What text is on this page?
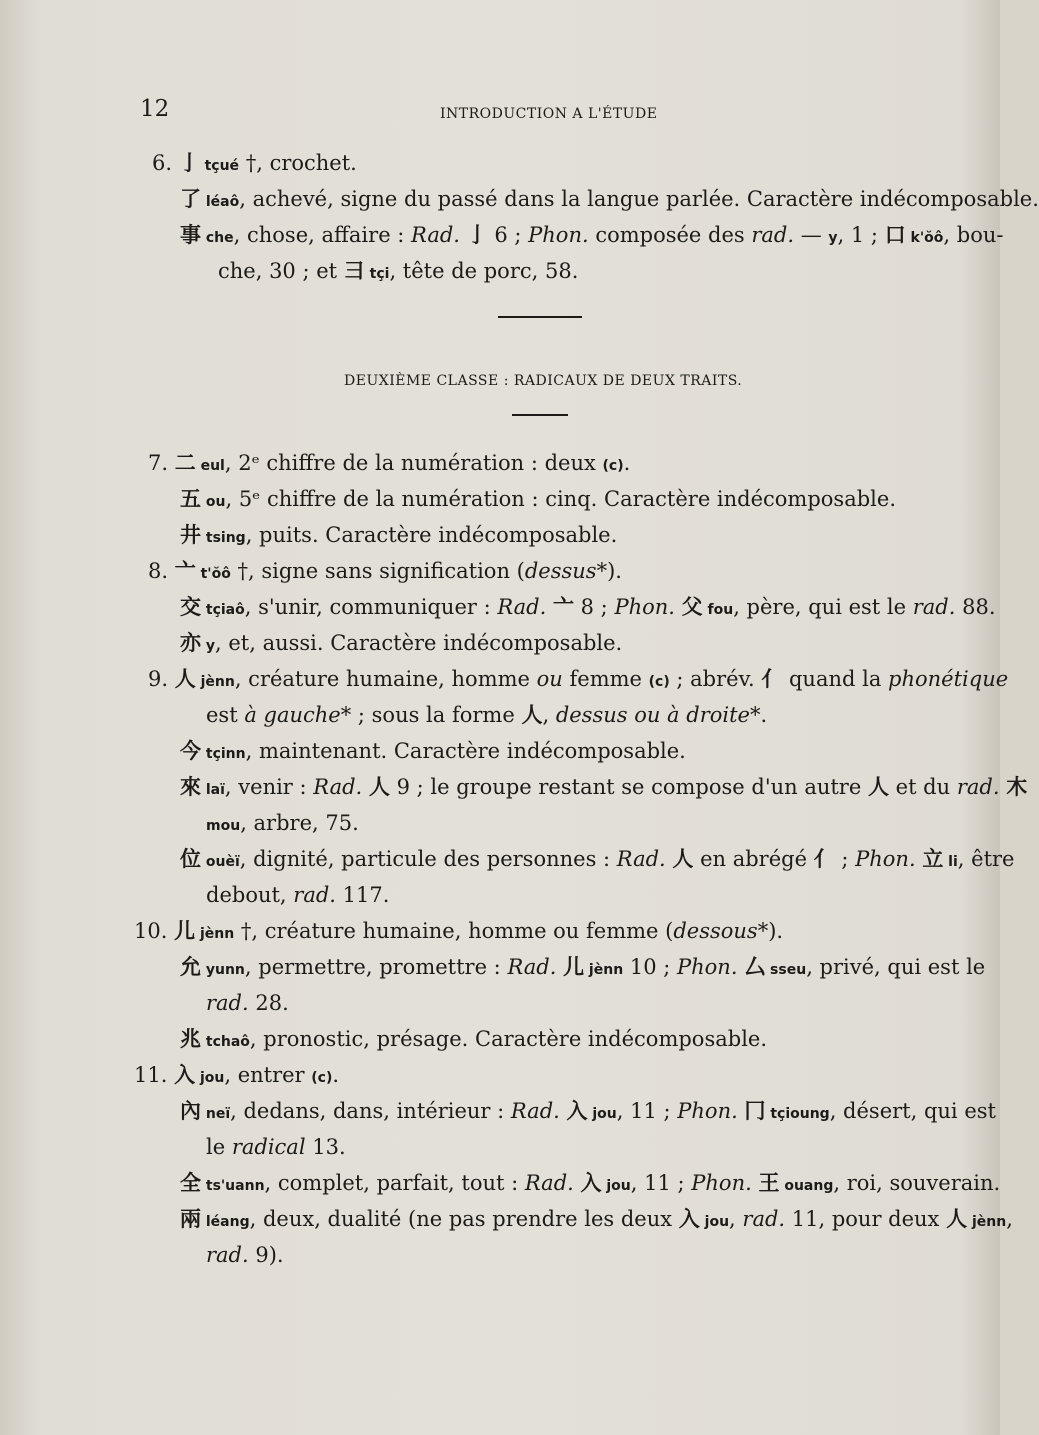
12	INTRODUCTION A L'ÉTUDE
DEUXIÈME CLASSE : RADICAUX DE DEUX TRAITS.
6. 亅 tçué †, crochet.
了 léaô, achevé, signe du passé dans la langue parlée. Caractère indécomposable.
事 che, chose, affaire : Rad. 亅 6 ; Phon. composée des rad. — y, 1 ; 口 k'ŏô, bou-
che, 30 ; et 彐 tçi, tête de porc, 58.
7. 二 eul, 2ᵉ chiffre de la numération : deux (c).
五 ou, 5ᵉ chiffre de la numération : cinq. Caractère indécomposable.
井 tsing, puits. Caractère indécomposable.
8. 亠 t'ŏô †, signe sans signification (dessus*).
交 tçiaô, s'unir, communiquer : Rad. 亠 8 ; Phon. 父 fou, père, qui est le rad. 88.
亦 y, et, aussi. Caractère indécomposable.
9. 人 jènn, créature humaine, homme ou femme (c) ; abrév. 亻 quand la phonétique
est à gauche* ; sous la forme 人, dessus ou à droite*.
今 tçinn, maintenant. Caractère indécomposable.
來 laï, venir : Rad. 人 9 ; le groupe restant se compose d'un autre 人 et du rad. 木
mou, arbre, 75.
位 ouèï, dignité, particule des personnes : Rad. 人 en abrégé 亻 ; Phon. 立 li, être
debout, rad. 117.
10. 儿 jènn †, créature humaine, homme ou femme (dessous*).
允 yunn, permettre, promettre : Rad. 儿 jènn 10 ; Phon. 厶 sseu, privé, qui est le
rad. 28.
兆 tchaô, pronostic, présage. Caractère indécomposable.
11. 入 jou, entrer (c).
內 neï, dedans, dans, intérieur : Rad. 入 jou, 11 ; Phon. 冂 tçioung, désert, qui est
le radical 13.
全 ts'uann, complet, parfait, tout : Rad. 入 jou, 11 ; Phon. 王 ouang, roi, souverain.
兩 léang, deux, dualité (ne pas prendre les deux 入 jou, rad. 11, pour deux 人 jènn,
rad. 9).
